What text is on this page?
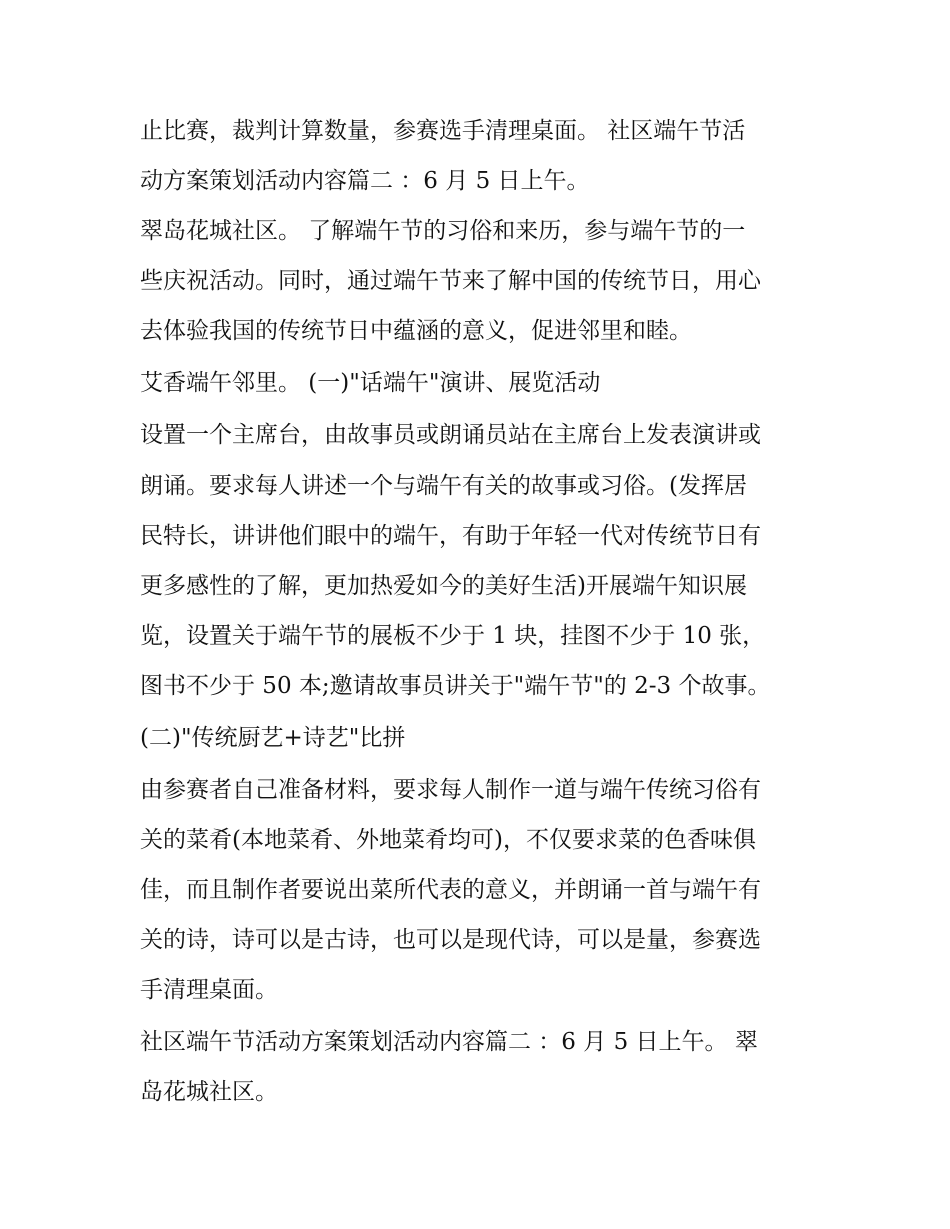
止比赛，裁判计算数量，参赛选手清理桌面。 社区端午节活
动方案策划活动内容篇二 ：6 月 5 日上午。
翠岛花城社区。 了解端午节的习俗和来历，参与端午节的一
些庆祝活动。同时，通过端午节来了解中国的传统节日，用心
去体验我国的传统节日中蕴涵的意义，促进邻里和睦。
艾香端午邻里。 (一)"话端午"演讲、展览活动
设置一个主席台，由故事员或朗诵员站在主席台上发表演讲或
朗诵。要求每人讲述一个与端午有关的故事或习俗。(发挥居
民特长，讲讲他们眼中的端午，有助于年轻一代对传统节日有
更多感性的了解，更加热爱如今的美好生活)开展端午知识展
览，设置关于端午节的展板不少于 1 块，挂图不少于 10 张，
图书不少于 50 本;邀请故事员讲关于"端午节"的 2-3 个故事。
(二)"传统厨艺+诗艺"比拼
由参赛者自己准备材料，要求每人制作一道与端午传统习俗有
关的菜肴(本地菜肴、外地菜肴均可)，不仅要求菜的色香味俱
佳，而且制作者要说出菜所代表的意义，并朗诵一首与端午有
关的诗，诗可以是古诗，也可以是现代诗，可以是量，参赛选
手清理桌面。
社区端午节活动方案策划活动内容篇二 ：6 月 5 日上午。 翠
岛花城社区。
